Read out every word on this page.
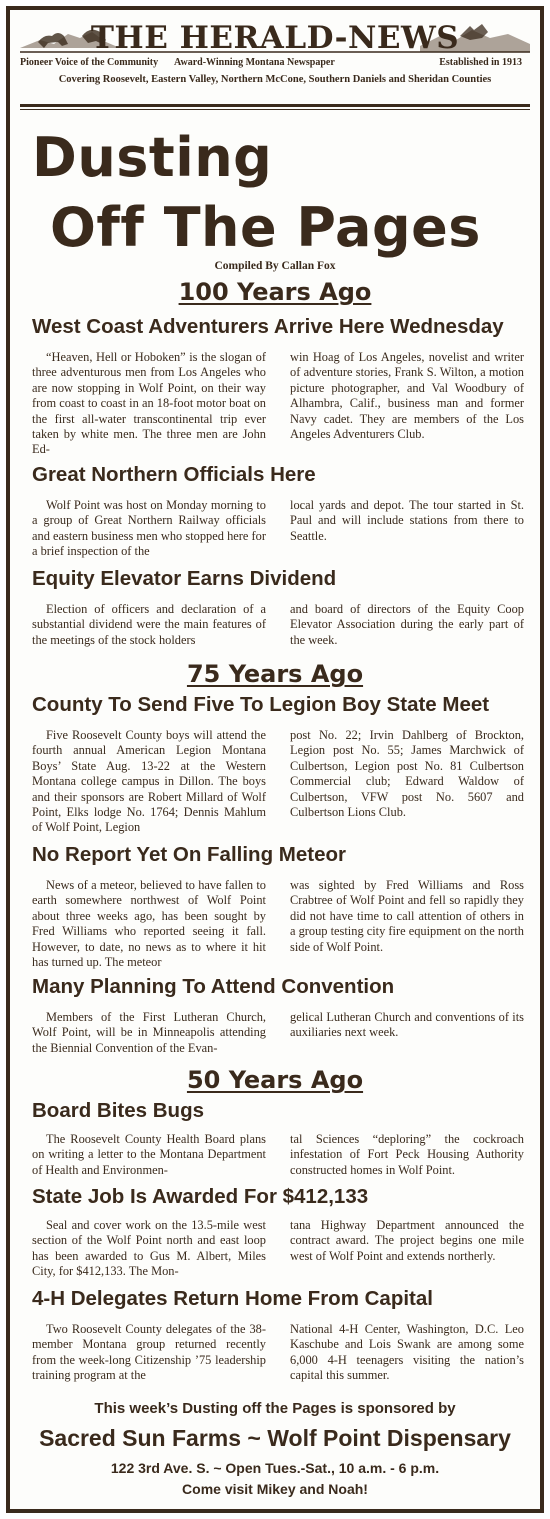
THE HERALD-NEWS
Pioneer Voice of the Community Award-Winning Montana Newspaper	Established in 1913
Covering Roosevelt, Eastern Valley, Northern McCone, Southern Daniels and Sheridan Counties
Dusting
Off The Pages
Compiled By Callan Fox
100 Years Ago
West Coast Adventurers Arrive Here Wednesday
“Heaven, Hell or Hoboken” is the slogan of three adventurous men from Los Angeles who are now stopping in Wolf Point, on their way from coast to coast in an 18-foot motor boat on the first all-water transcontinental trip ever taken by white men. The three men are John Ed-
win Hoag of Los Angeles, novelist and writer of adventure stories, Frank S. Wilton, a motion picture photographer, and Val Woodbury of Alhambra, Calif., business man and former Navy cadet. They are members of the Los Angeles Adventurers Club.
Great Northern Officials Here
Wolf Point was host on Monday morning to a group of Great Northern Railway officials and eastern business men who stopped here for a brief inspection of the
local yards and depot. The tour started in St. Paul and will include stations from there to Seattle.
Equity Elevator Earns Dividend
Election of officers and declaration of a substantial dividend were the main features of the meetings of the stock holders
and board of directors of the Equity Coop Elevator Association during the early part of the week.
75 Years Ago
County To Send Five To Legion Boy State Meet
Five Roosevelt County boys will attend the fourth annual American Legion Montana Boys’ State Aug. 13-22 at the Western Montana college campus in Dillon. The boys and their sponsors are Robert Millard of Wolf Point, Elks lodge No. 1764; Dennis Mahlum of Wolf Point, Legion
post No. 22; Irvin Dahlberg of Brockton, Legion post No. 55; James Marchwick of Culbertson, Legion post No. 81 Culbertson Commercial club; Edward Waldow of Culbertson, VFW post No. 5607 and Culbertson Lions Club.
No Report Yet On Falling Meteor
News of a meteor, believed to have fallen to earth somewhere northwest of Wolf Point about three weeks ago, has been sought by Fred Williams who reported seeing it fall. However, to date, no news as to where it hit has turned up. The meteor
was sighted by Fred Williams and Ross Crabtree of Wolf Point and fell so rapidly they did not have time to call attention of others in a group testing city fire equipment on the north side of Wolf Point.
Many Planning To Attend Convention
Members of the First Lutheran Church, Wolf Point, will be in Minneapolis attending the Biennial Convention of the Evan-
gelical Lutheran Church and conventions of its auxiliaries next week.
50 Years Ago
Board Bites Bugs
The Roosevelt County Health Board plans on writing a letter to the Montana Department of Health and Environmen-
tal Sciences “deploring” the cockroach infestation of Fort Peck Housing Authority constructed homes in Wolf Point.
State Job Is Awarded For $412,133
Seal and cover work on the 13.5-mile west section of the Wolf Point north and east loop has been awarded to Gus M. Albert, Miles City, for $412,133. The Mon-
tana Highway Department announced the contract award. The project begins one mile west of Wolf Point and extends northerly.
4-H Delegates Return Home From Capital
Two Roosevelt County delegates of the 38-member Montana group returned recently from the week-long Citizenship ’75 leadership training program at the
National 4-H Center, Washington, D.C. Leo Kaschube and Lois Swank are among some 6,000 4-H teenagers visiting the nation’s capital this summer.
This week’s Dusting off the Pages is sponsored by
Sacred Sun Farms ~ Wolf Point Dispensary
122 3rd Ave. S. ~ Open Tues.-Sat., 10 a.m. - 6 p.m.
Come visit Mikey and Noah!
